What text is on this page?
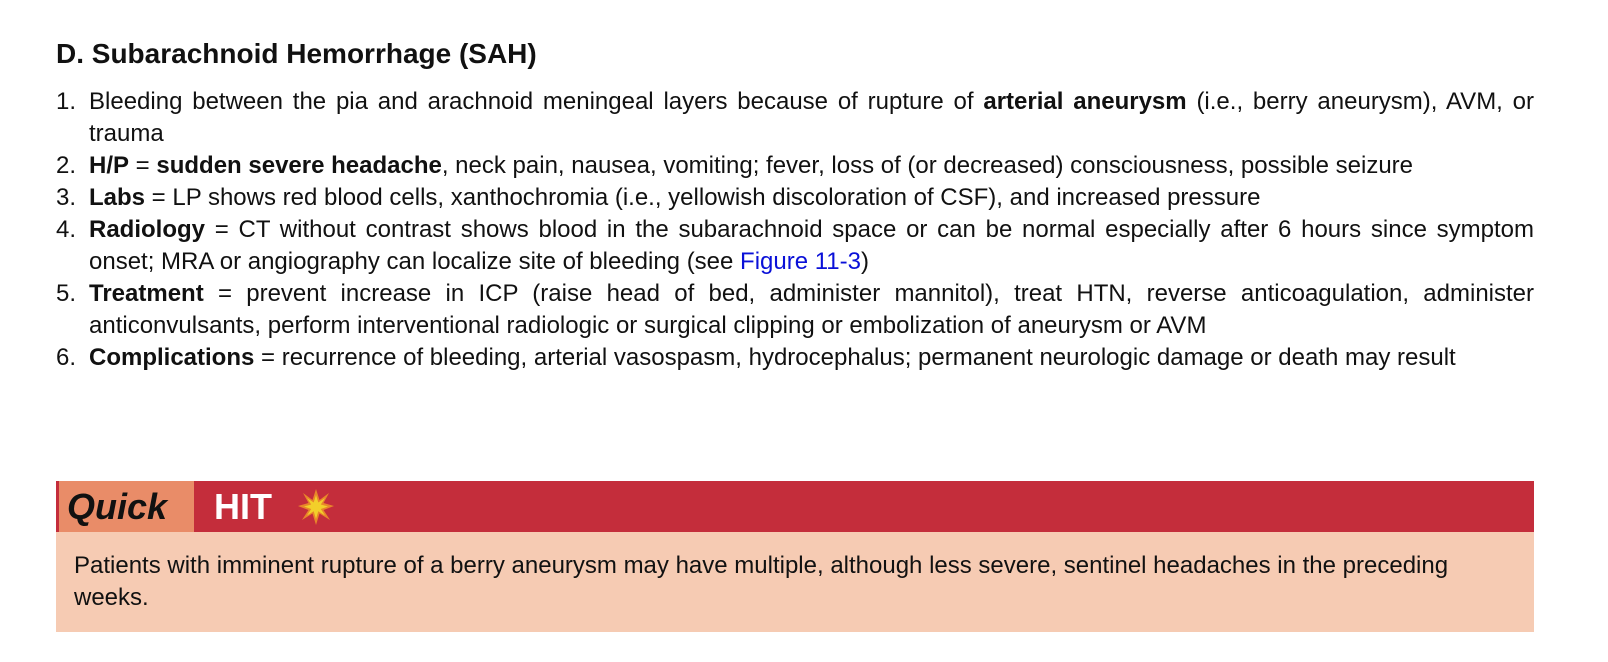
D. Subarachnoid Hemorrhage (SAH)
1. Bleeding between the pia and arachnoid meningeal layers because of rupture of arterial aneurysm (i.e., berry aneurysm), AVM, or trauma
2. H/P = sudden severe headache, neck pain, nausea, vomiting; fever, loss of (or decreased) consciousness, possible seizure
3. Labs = LP shows red blood cells, xanthochromia (i.e., yellowish discoloration of CSF), and increased pressure
4. Radiology = CT without contrast shows blood in the subarachnoid space or can be normal especially after 6 hours since symptom onset; MRA or angiography can localize site of bleeding (see Figure 11-3)
5. Treatment = prevent increase in ICP (raise head of bed, administer mannitol), treat HTN, reverse anticoagulation, administer anticonvulsants, perform interventional radiologic or surgical clipping or embolization of aneurysm or AVM
6. Complications = recurrence of bleeding, arterial vasospasm, hydrocephalus; permanent neurologic damage or death may result
Quick	HIT
Patients with imminent rupture of a berry aneurysm may have multiple, although less severe, sentinel headaches in the preceding weeks.
